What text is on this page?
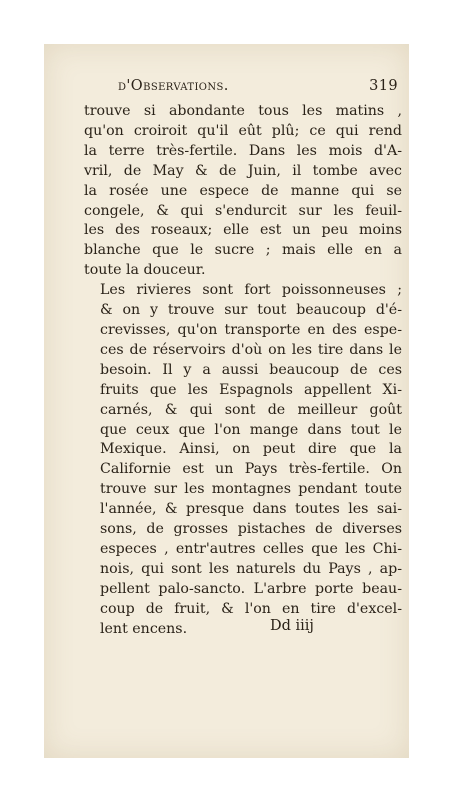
d'Observations.	319

trouve si abondante tous les matins ,
qu'on croiroit qu'il eût plû; ce qui rend
la terre très-fertile. Dans les mois d'A-
vril, de May & de Juin, il tombe avec
la rosée une espece de manne qui se
congele, & qui s'endurcit sur les feuil-
les des roseaux; elle est un peu moins
blanche que le sucre ; mais elle en a
toute la douceur.

Les rivieres sont fort poissonneuses ;
& on y trouve sur tout beaucoup d'é-
crevisses, qu'on transporte en des espe-
ces de réservoirs d'où on les tire dans le
besoin. Il y a aussi beaucoup de ces
fruits que les Espagnols appellent Xi-
carnés, & qui sont de meilleur goût
que ceux que l'on mange dans tout le
Mexique. Ainsi, on peut dire que la
Californie est un Pays très-fertile. On
trouve sur les montagnes pendant toute
l'année, & presque dans toutes les sai-
sons, de grosses pistaches de diverses
especes , entr'autres celles que les Chi-
nois, qui sont les naturels du Pays , ap-
pellent palo-sancto. L'arbre porte beau-
coup de fruit, & l'on en tire d'excel-
lent encens.	Dd iiij
